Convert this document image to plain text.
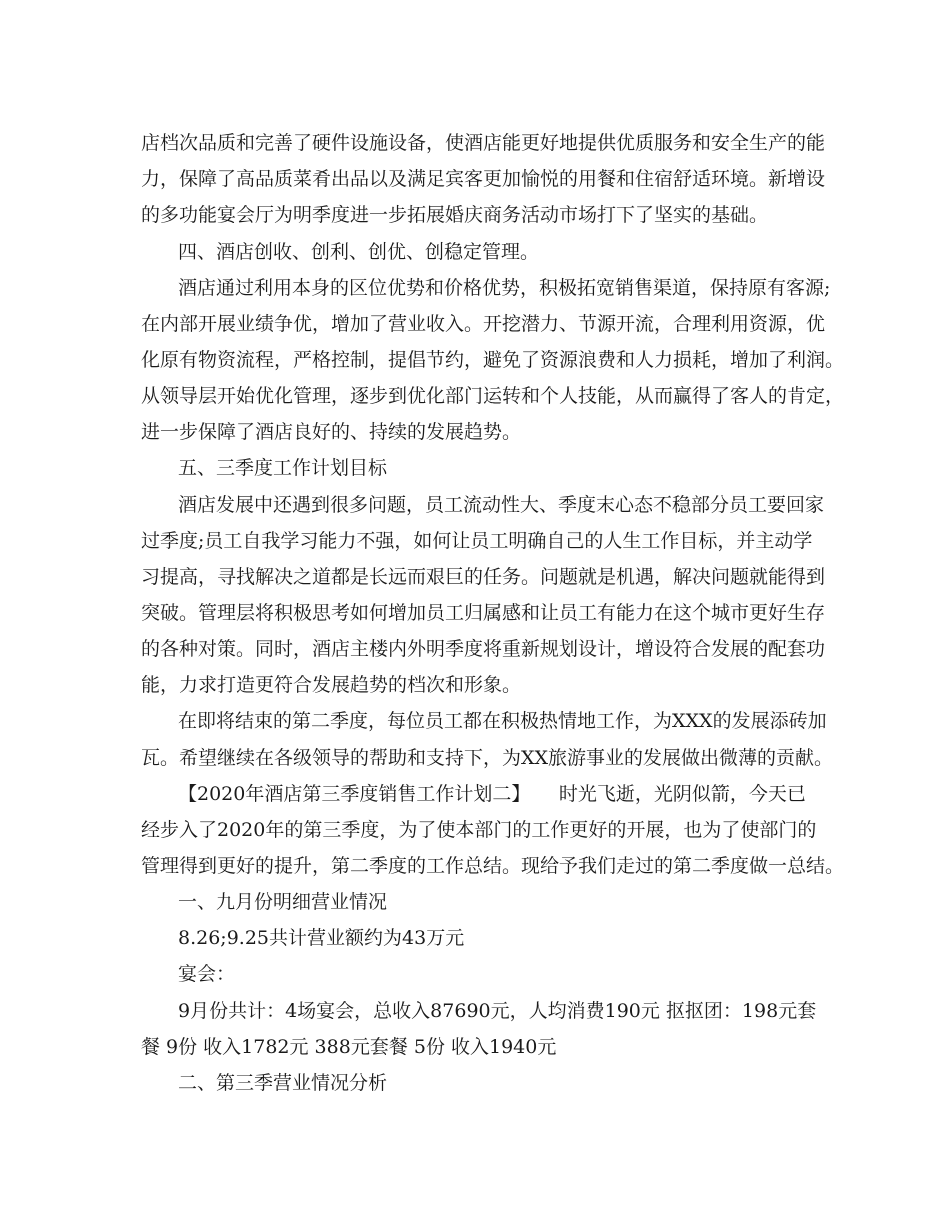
店档次品质和完善了硬件设施设备，使酒店能更好地提供优质服务和安全生产的能
力，保障了高品质菜肴出品以及满足宾客更加愉悦的用餐和住宿舒适环境。新增设
的多功能宴会厅为明季度进一步拓展婚庆商务活动市场打下了坚实的基础。
四、酒店创收、创利、创优、创稳定管理。
酒店通过利用本身的区位优势和价格优势，积极拓宽销售渠道，保持原有客源;
在内部开展业绩争优，增加了营业收入。开挖潜力、节源开流，合理利用资源，优
化原有物资流程，严格控制，提倡节约，避免了资源浪费和人力损耗，增加了利润。
从领导层开始优化管理，逐步到优化部门运转和个人技能，从而赢得了客人的肯定，
进一步保障了酒店良好的、持续的发展趋势。
五、三季度工作计划目标
酒店发展中还遇到很多问题，员工流动性大、季度末心态不稳部分员工要回家
过季度;员工自我学习能力不强，如何让员工明确自己的人生工作目标，并主动学
习提高，寻找解决之道都是长远而艰巨的任务。问题就是机遇，解决问题就能得到
突破。管理层将积极思考如何增加员工归属感和让员工有能力在这个城市更好生存
的各种对策。同时，酒店主楼内外明季度将重新规划设计，增设符合发展的配套功
能，力求打造更符合发展趋势的档次和形象。
在即将结束的第二季度，每位员工都在积极热情地工作，为XXX的发展添砖加
瓦。希望继续在各级领导的帮助和支持下，为XX旅游事业的发展做出微薄的贡献。
【2020年酒店第三季度销售工作计划二】　　时光飞逝，光阴似箭，今天已
经步入了2020年的第三季度，为了使本部门的工作更好的开展，也为了使部门的
管理得到更好的提升，第二季度的工作总结。现给予我们走过的第二季度做一总结。
一、九月份明细营业情况
8.26;9.25共计营业额约为43万元
宴会：
9月份共计：4场宴会，总收入87690元，人均消费190元 抠抠团：198元套
餐 9份 收入1782元 388元套餐 5份 收入1940元
二、第三季营业情况分析
